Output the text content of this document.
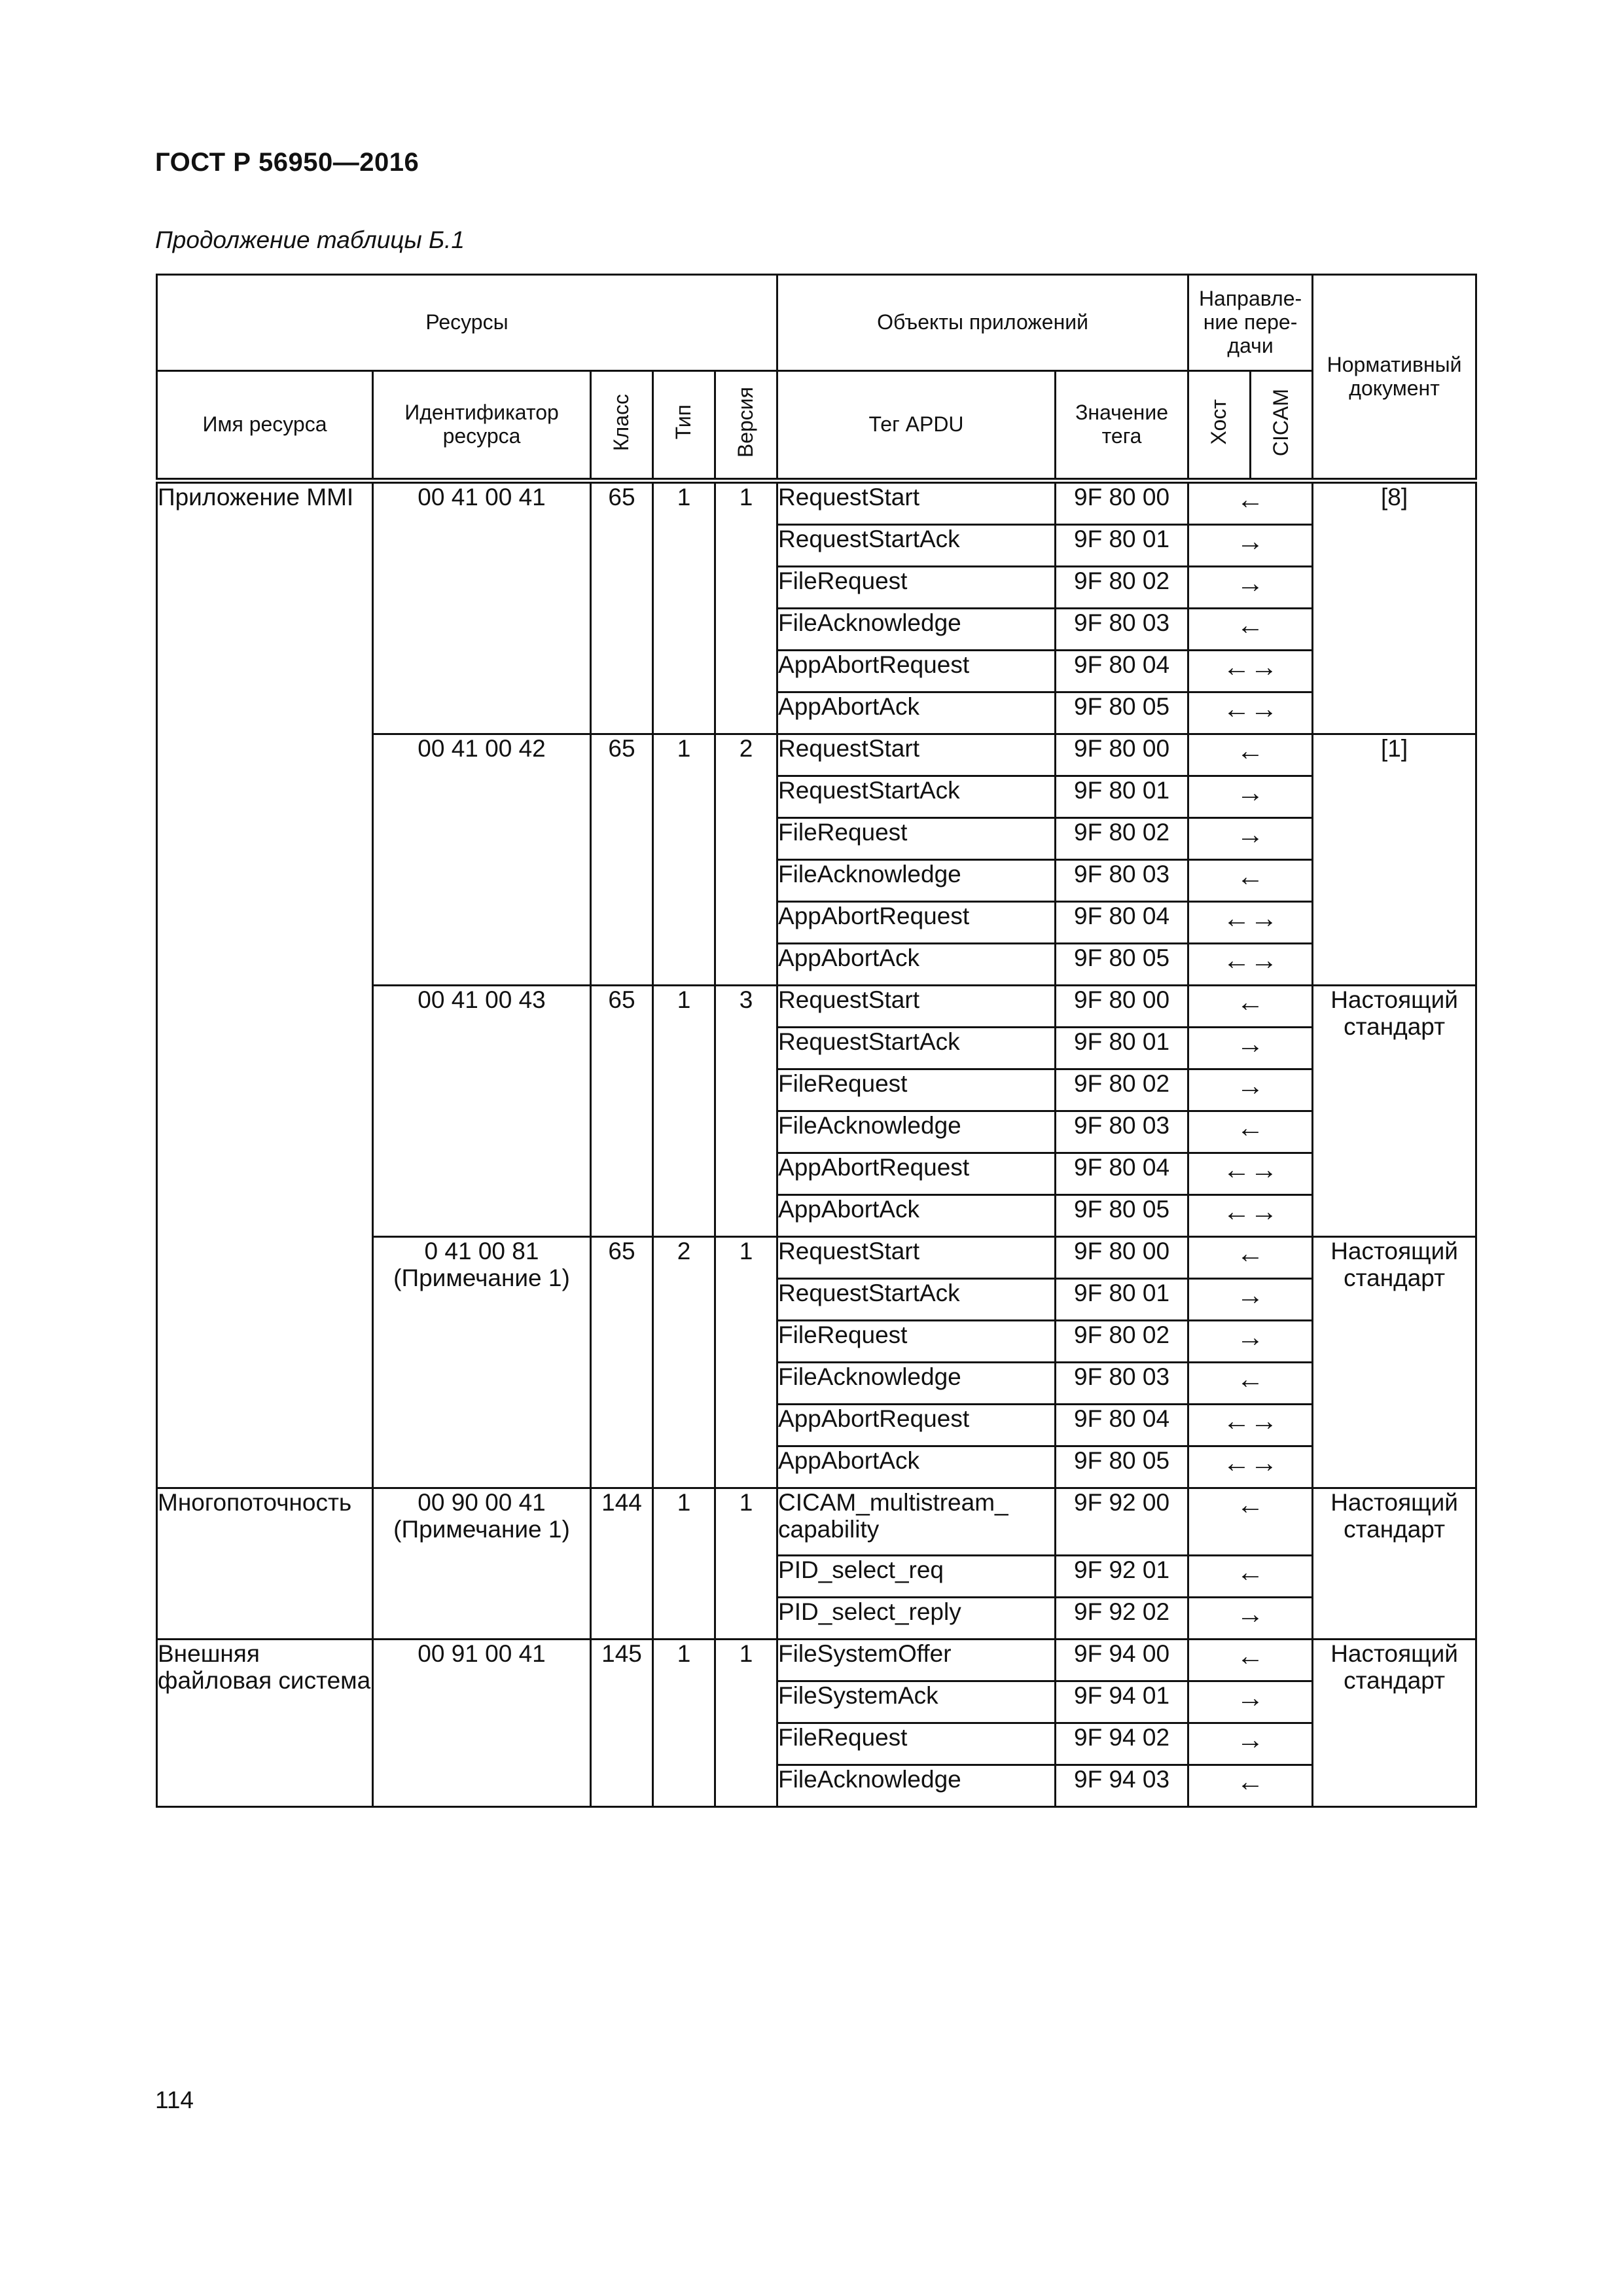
ГОСТ Р 56950—2016
Продолжение таблицы Б.1
Ресурсы					Объекты приложений		Направле-ние пере-дачи		Нормативный документ
Имя ресурса	Идентификатор ресурса	Класс	Тип	Версия	Тег APDU	Значение тега	Хост	CICAM	
Приложение MMI	00 41 00 41	65	1	1	RequestStart	9F 80 00	←		[8]
					RequestStartAck	9F 80 01	→		
					FileRequest	9F 80 02	→		
					FileAcknowledge	9F 80 03	←		
					AppAbortRequest	9F 80 04	←→		
					AppAbortAck	9F 80 05	←→		
	00 41 00 42	65	1	2	RequestStart	9F 80 00	←		[1]
					RequestStartAck	9F 80 01	→		
					FileRequest	9F 80 02	→		
					FileAcknowledge	9F 80 03	←		
					AppAbortRequest	9F 80 04	←→		
					AppAbortAck	9F 80 05	←→		
	00 41 00 43	65	1	3	RequestStart	9F 80 00	←		Настоящий стандарт
					RequestStartAck	9F 80 01	→		
					FileRequest	9F 80 02	→		
					FileAcknowledge	9F 80 03	←		
					AppAbortRequest	9F 80 04	←→		
					AppAbortAck	9F 80 05	←→		
	0 41 00 81 (Примечание 1)	65	2	1	RequestStart	9F 80 00	←		Настоящий стандарт
					RequestStartAck	9F 80 01	→		
					FileRequest	9F 80 02	→		
					FileAcknowledge	9F 80 03	←		
					AppAbortRequest	9F 80 04	←→		
					AppAbortAck	9F 80 05	←→		
Многопоточность	00 90 00 41 (Примечание 1)	144	1	1	CICAM_multistream_ capability	9F 92 00	←		Настоящий стандарт
					PID_select_req	9F 92 01	←		
					PID_select_reply	9F 92 02	→		
Внешняя файловая система	00 91 00 41	145	1	1	FileSystemOffer	9F 94 00	←		Настоящий стандарт
					FileSystemAck	9F 94 01	→		
					FileRequest	9F 94 02	→		
					FileAcknowledge	9F 94 03	←		
114
